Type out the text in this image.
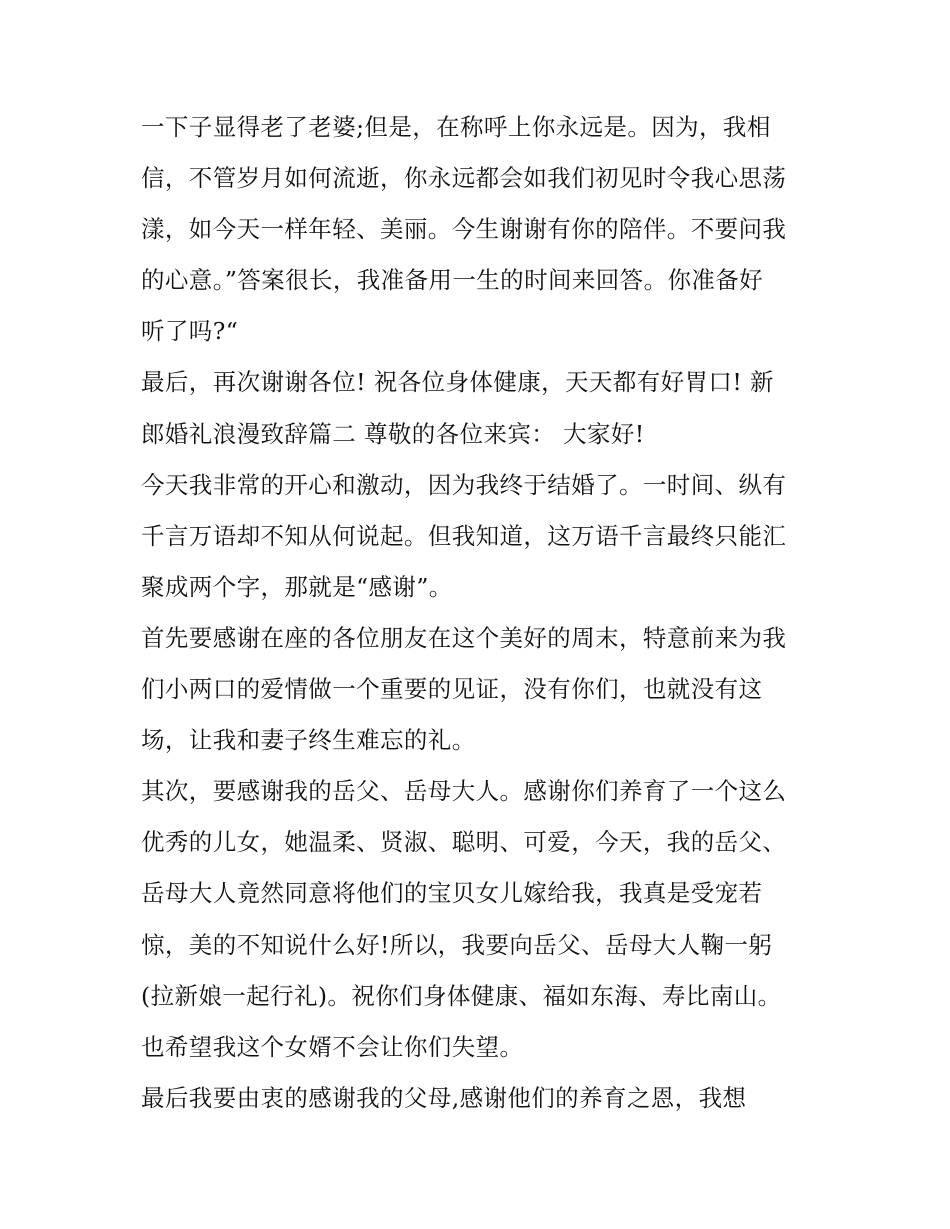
一下子显得老了老婆;但是，在称呼上你永远是。因为，我相
信，不管岁月如何流逝，你永远都会如我们初见时令我心思荡
漾，如今天一样年轻、美丽。今生谢谢有你的陪伴。不要问我
的心意。”答案很长，我准备用一生的时间来回答。你准备好
听了吗?“
最后，再次谢谢各位! 祝各位身体健康，天天都有好胃口! 新
郎婚礼浪漫致辞篇二 尊敬的各位来宾： 大家好!
今天我非常的开心和激动，因为我终于结婚了。一时间、纵有
千言万语却不知从何说起。但我知道，这万语千言最终只能汇
聚成两个字，那就是“感谢”。
首先要感谢在座的各位朋友在这个美好的周末，特意前来为我
们小两口的爱情做一个重要的见证，没有你们，也就没有这
场，让我和妻子终生难忘的礼。
其次，要感谢我的岳父、岳母大人。感谢你们养育了一个这么
优秀的儿女，她温柔、贤淑、聪明、可爱，今天，我的岳父、
岳母大人竟然同意将他们的宝贝女儿嫁给我，我真是受宠若
惊，美的不知说什么好!所以，我要向岳父、岳母大人鞠一躬
(拉新娘一起行礼)。祝你们身体健康、福如东海、寿比南山。
也希望我这个女婿不会让你们失望。
最后我要由衷的感谢我的父母,感谢他们的养育之恩，我想
